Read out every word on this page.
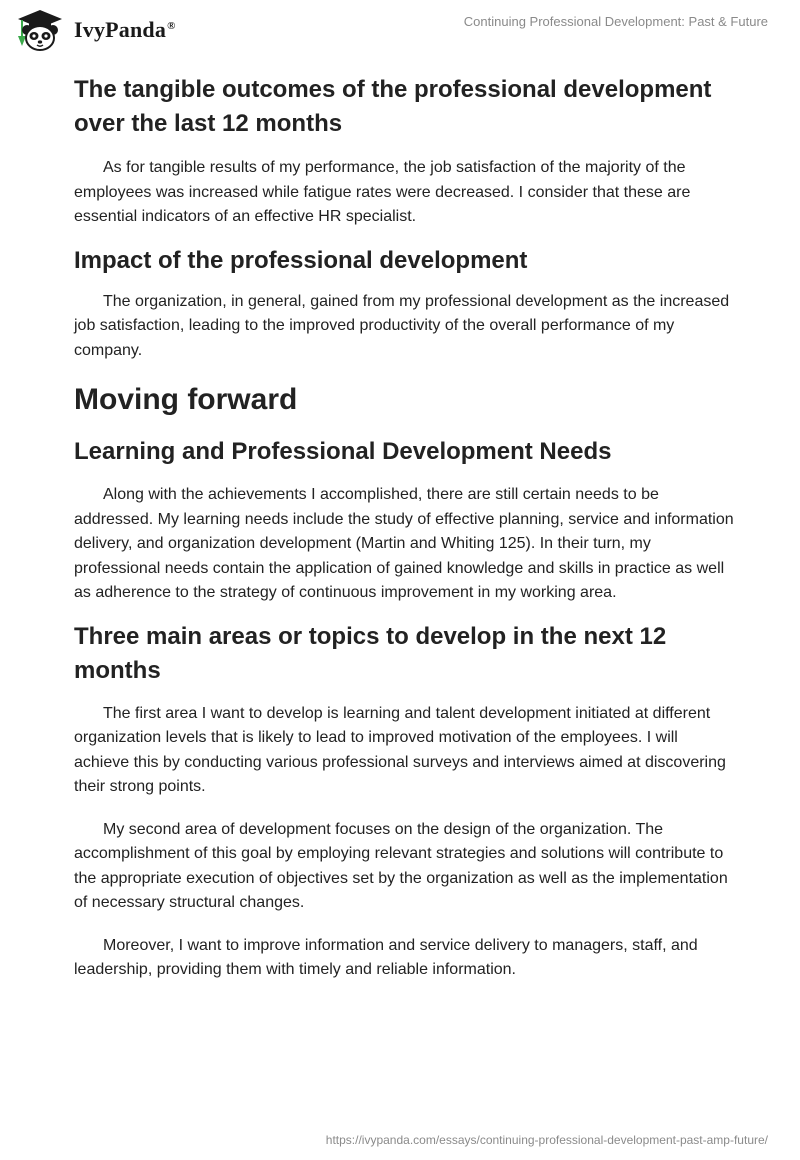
IvyPanda®	Continuing Professional Development: Past & Future
The tangible outcomes of the professional development over the last 12 months

As for tangible results of my performance, the job satisfaction of the majority of the employees was increased while fatigue rates were decreased. I consider that these are essential indicators of an effective HR specialist.

Impact of the professional development

The organization, in general, gained from my professional development as the increased job satisfaction, leading to the improved productivity of the overall performance of my company.

Moving forward
Learning and Professional Development Needs

Along with the achievements I accomplished, there are still certain needs to be addressed. My learning needs include the study of effective planning, service and information delivery, and organization development (Martin and Whiting 125). In their turn, my professional needs contain the application of gained knowledge and skills in practice as well as adherence to the strategy of continuous improvement in my working area.

Three main areas or topics to develop in the next 12 months

The first area I want to develop is learning and talent development initiated at different organization levels that is likely to lead to improved motivation of the employees. I will achieve this by conducting various professional surveys and interviews aimed at discovering their strong points.

My second area of development focuses on the design of the organization. The accomplishment of this goal by employing relevant strategies and solutions will contribute to the appropriate execution of objectives set by the organization as well as the implementation of necessary structural changes.

Moreover, I want to improve information and service delivery to managers, staff, and leadership, providing them with timely and reliable information.

https://ivypanda.com/essays/continuing-professional-development-past-amp-future/
